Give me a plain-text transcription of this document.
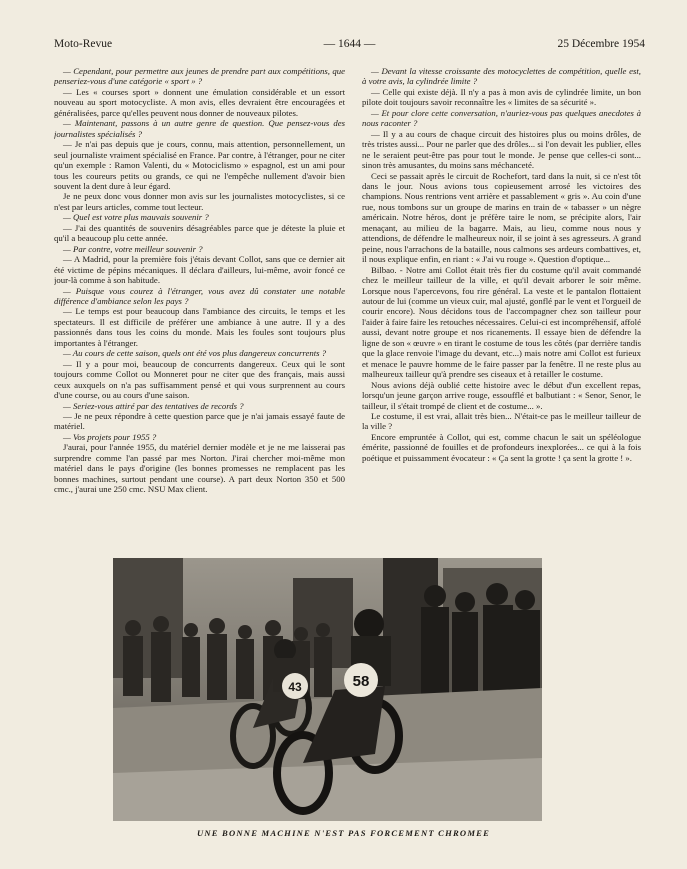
Moto-Revue	— 1644 —	25 Décembre 1954

— Cependant, pour permettre aux jeunes de prendre part aux compétitions, que penseriez-vous d'une catégorie « sport » ?

— Les « courses sport » donnent une émulation considérable et un essort nouveau au sport motocycliste. A mon avis, elles devraient être encouragées et généralisées, parce qu'elles peuvent nous donner de nouveaux pilotes.

— Maintenant, passons à un autre genre de question. Que pensez-vous des journalistes spécialisés ?

— Je n'ai pas depuis que je cours, connu, mais attention, personnellement, un seul journaliste vraiment spécialisé en France. Par contre, à l'étranger, pour ne citer qu'un exemple : Ramon Valenti, du « Motociclismo » espagnol, est un ami pour tous les coureurs petits ou grands, ce qui ne l'empêche nullement d'avoir bien souvent la dent dure à leur égard.

Je ne peux donc vous donner mon avis sur les journalistes motocyclistes, si ce n'est par leurs articles, comme tout lecteur.

— Quel est votre plus mauvais souvenir ?

— J'ai des quantités de souvenirs désagréables parce que je déteste la pluie et qu'il a beaucoup plu cette année.

— Par contre, votre meilleur souvenir ?

— A Madrid, pour la première fois j'étais devant Collot, sans que ce dernier ait été victime de pépins mécaniques. Il déclara d'ailleurs, lui-même, avoir foncé ce jour-là comme à son habitude.

— Puisque vous courez à l'étranger, vous avez dû constater une notable différence d'ambiance selon les pays ?

— Le temps est pour beaucoup dans l'ambiance des circuits, le temps et les spectateurs. Il est difficile de préférer une ambiance à une autre. Il y a des passionnés dans tous les coins du monde. Mais les foules sont toujours plus importantes à l'étranger.

— Au cours de cette saison, quels ont été vos plus dangereux concurrents ?

— Il y a pour moi, beaucoup de concurrents dangereux. Ceux qui le sont toujours comme Collot ou Monneret pour ne citer que des français, mais aussi ceux auxquels on n'a pas suffisamment pensé et qui vous surprennent au cours d'une course, ou au cours d'une saison.

— Seriez-vous attiré par des tentatives de records ?

— Je ne peux répondre à cette question parce que je n'ai jamais essayé faute de matériel.

— Vos projets pour 1955 ?

J'aurai, pour l'année 1955, du matériel dernier modèle et je ne me laisserai pas surprendre comme l'an passé par mes Norton. J'irai chercher moi-même mon matériel dans le pays d'origine (les bonnes promesses ne remplacent pas les bonnes machines, surtout pendant une course). A part deux Norton 350 et 500 cmc., j'aurai une 250 cmc. NSU Max client.

— Devant la vitesse croissante des motocyclettes de compétition, quelle est, à votre avis, la cylindrée limite ?

— Celle qui existe déjà. Il n'y a pas à mon avis de cylindrée limite, un bon pilote doit toujours savoir reconnaître les « limites de sa sécurité ».

— Et pour clore cette conversation, n'auriez-vous pas quelques anecdotes à nous raconter ?

— Il y a au cours de chaque circuit des histoires plus ou moins drôles, de très tristes aussi... Pour ne parler que des drôles... si l'on devait les publier, elles ne le seraient peut-être pas pour tout le monde. Je pense que celles-ci sont... sinon très amusantes, du moins sans méchanceté.

Ceci se passait après le circuit de Rochefort, tard dans la nuit, si ce n'est tôt dans le jour. Nous avions tous copieusement arrosé les victoires des champions. Nous rentrions vent arrière et passablement « gris ». Au coin d'une rue, nous tombons sur un groupe de marins en train de « tabasser » un nègre américain. Notre héros, dont je préfère taire le nom, se précipite alors, l'air menaçant, au milieu de la bagarre. Mais, au lieu, comme nous nous y attendions, de défendre le malheureux noir, il se joint à ses agresseurs. A grand peine, nous l'arrachons de la bataille, nous calmons ses ardeurs combattives, et, il nous explique enfin, en riant : « J'ai vu rouge ». Question d'optique...

Bilbao. - Notre ami Collot était très fier du costume qu'il avait commandé chez le meilleur tailleur de la ville, et qu'il devait arborer le soir même. Lorsque nous l'apercevons, fou rire général. La veste et le pantalon flottaient autour de lui (comme un vieux cuir, mal ajusté, gonflé par le vent et l'orgueil de courir encore). Nous décidons tous de l'accompagner chez son tailleur pour l'aider à faire faire les retouches nécessaires. Celui-ci est incompréhensif, affolé aussi, devant notre groupe et nos ricanements. Il essaye bien de défendre la ligne de son « œuvre » en tirant le costume de tous les côtés (par derrière tandis que la glace renvoie l'image du devant, etc...) mais notre ami Collot est furieux et menace le pauvre homme de le faire passer par la fenêtre. Il ne reste plus au malheureux tailleur qu'à prendre ses ciseaux et à retailler le costume.

Nous avions déjà oublié cette histoire avec le début d'un excellent repas, lorsqu'un jeune garçon arrive rouge, essoufflé et balbutiant : « Senor, Senor, le tailleur, il s'était trompé de client et de costume... ».

Le costume, il est vrai, allait très bien... N'était-ce pas le meilleur tailleur de la ville ?

Encore empruntée à Collot, qui est, comme chacun le sait un spéléologue émérite, passionné de fouilles et de profondeurs inexplorées... ce qui à la fois poétique et puissamment évocateur : « Ça sent la grotte ! ça sent la grotte ! ».

43	58
UNE BONNE MACHINE N'EST PAS FORCEMENT CHROMEE
